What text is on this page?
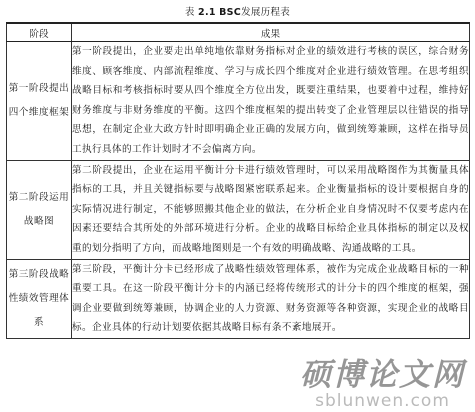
表 2.1 BSC发展历程表
阶段	成果
第一阶段提出四个维度框架	第一阶段提出，企业要走出单纯地依靠财务指标对企业的绩效进行考核的误区，综合财务维度、顾客维度、内部流程维度、学习与成长四个维度对企业进行绩效管理。在思考组织战略目标和考核指标时要从四个维度全方位出发，既要注重结果，也要着中过程，维持好财务维度与非财务维度的平衡。这四个维度框架的提出转变了企业管理层以往错误的指导思想，在制定企业大政方针时即明确企业正确的发展方向，做到统筹兼顾，这样在指导员工执行具体的工作计划时才不会偏离方向。
第二阶段运用战略图	第二阶段提出，企业在运用平衡计分卡进行绩效管理时，可以采用战略图作为其衡量具体指标的工具，并且关键指标要与战略图紧密联系起来。企业衡量指标的设计要根据自身的实际情况进行制定，不能够照搬其他企业的做法，在分析企业自身情况时不仅要考虑内在因素还要结合其所处的外部环境进行分析。企业的战略目标给企业具体指标的制定以及权重的划分指明了方向，而战略地图则是一个有效的明确战略、沟通战略的工具。
第三阶段战略性绩效管理体系	第三阶段，平衡计分卡已经形成了战略性绩效管理体系，被作为完成企业战略目标的一种重要工具。在这一阶段平衡计分卡的内涵已经将传统形式的计分卡的四个维度的框架，强调企业要做到统筹兼顾，协调企业的人力资源、财务资源等各种资源，实现企业的战略目标。企业具体的行动计划要依据其战略目标有条不紊地展开。
硕博论文网
sblunwen.com
